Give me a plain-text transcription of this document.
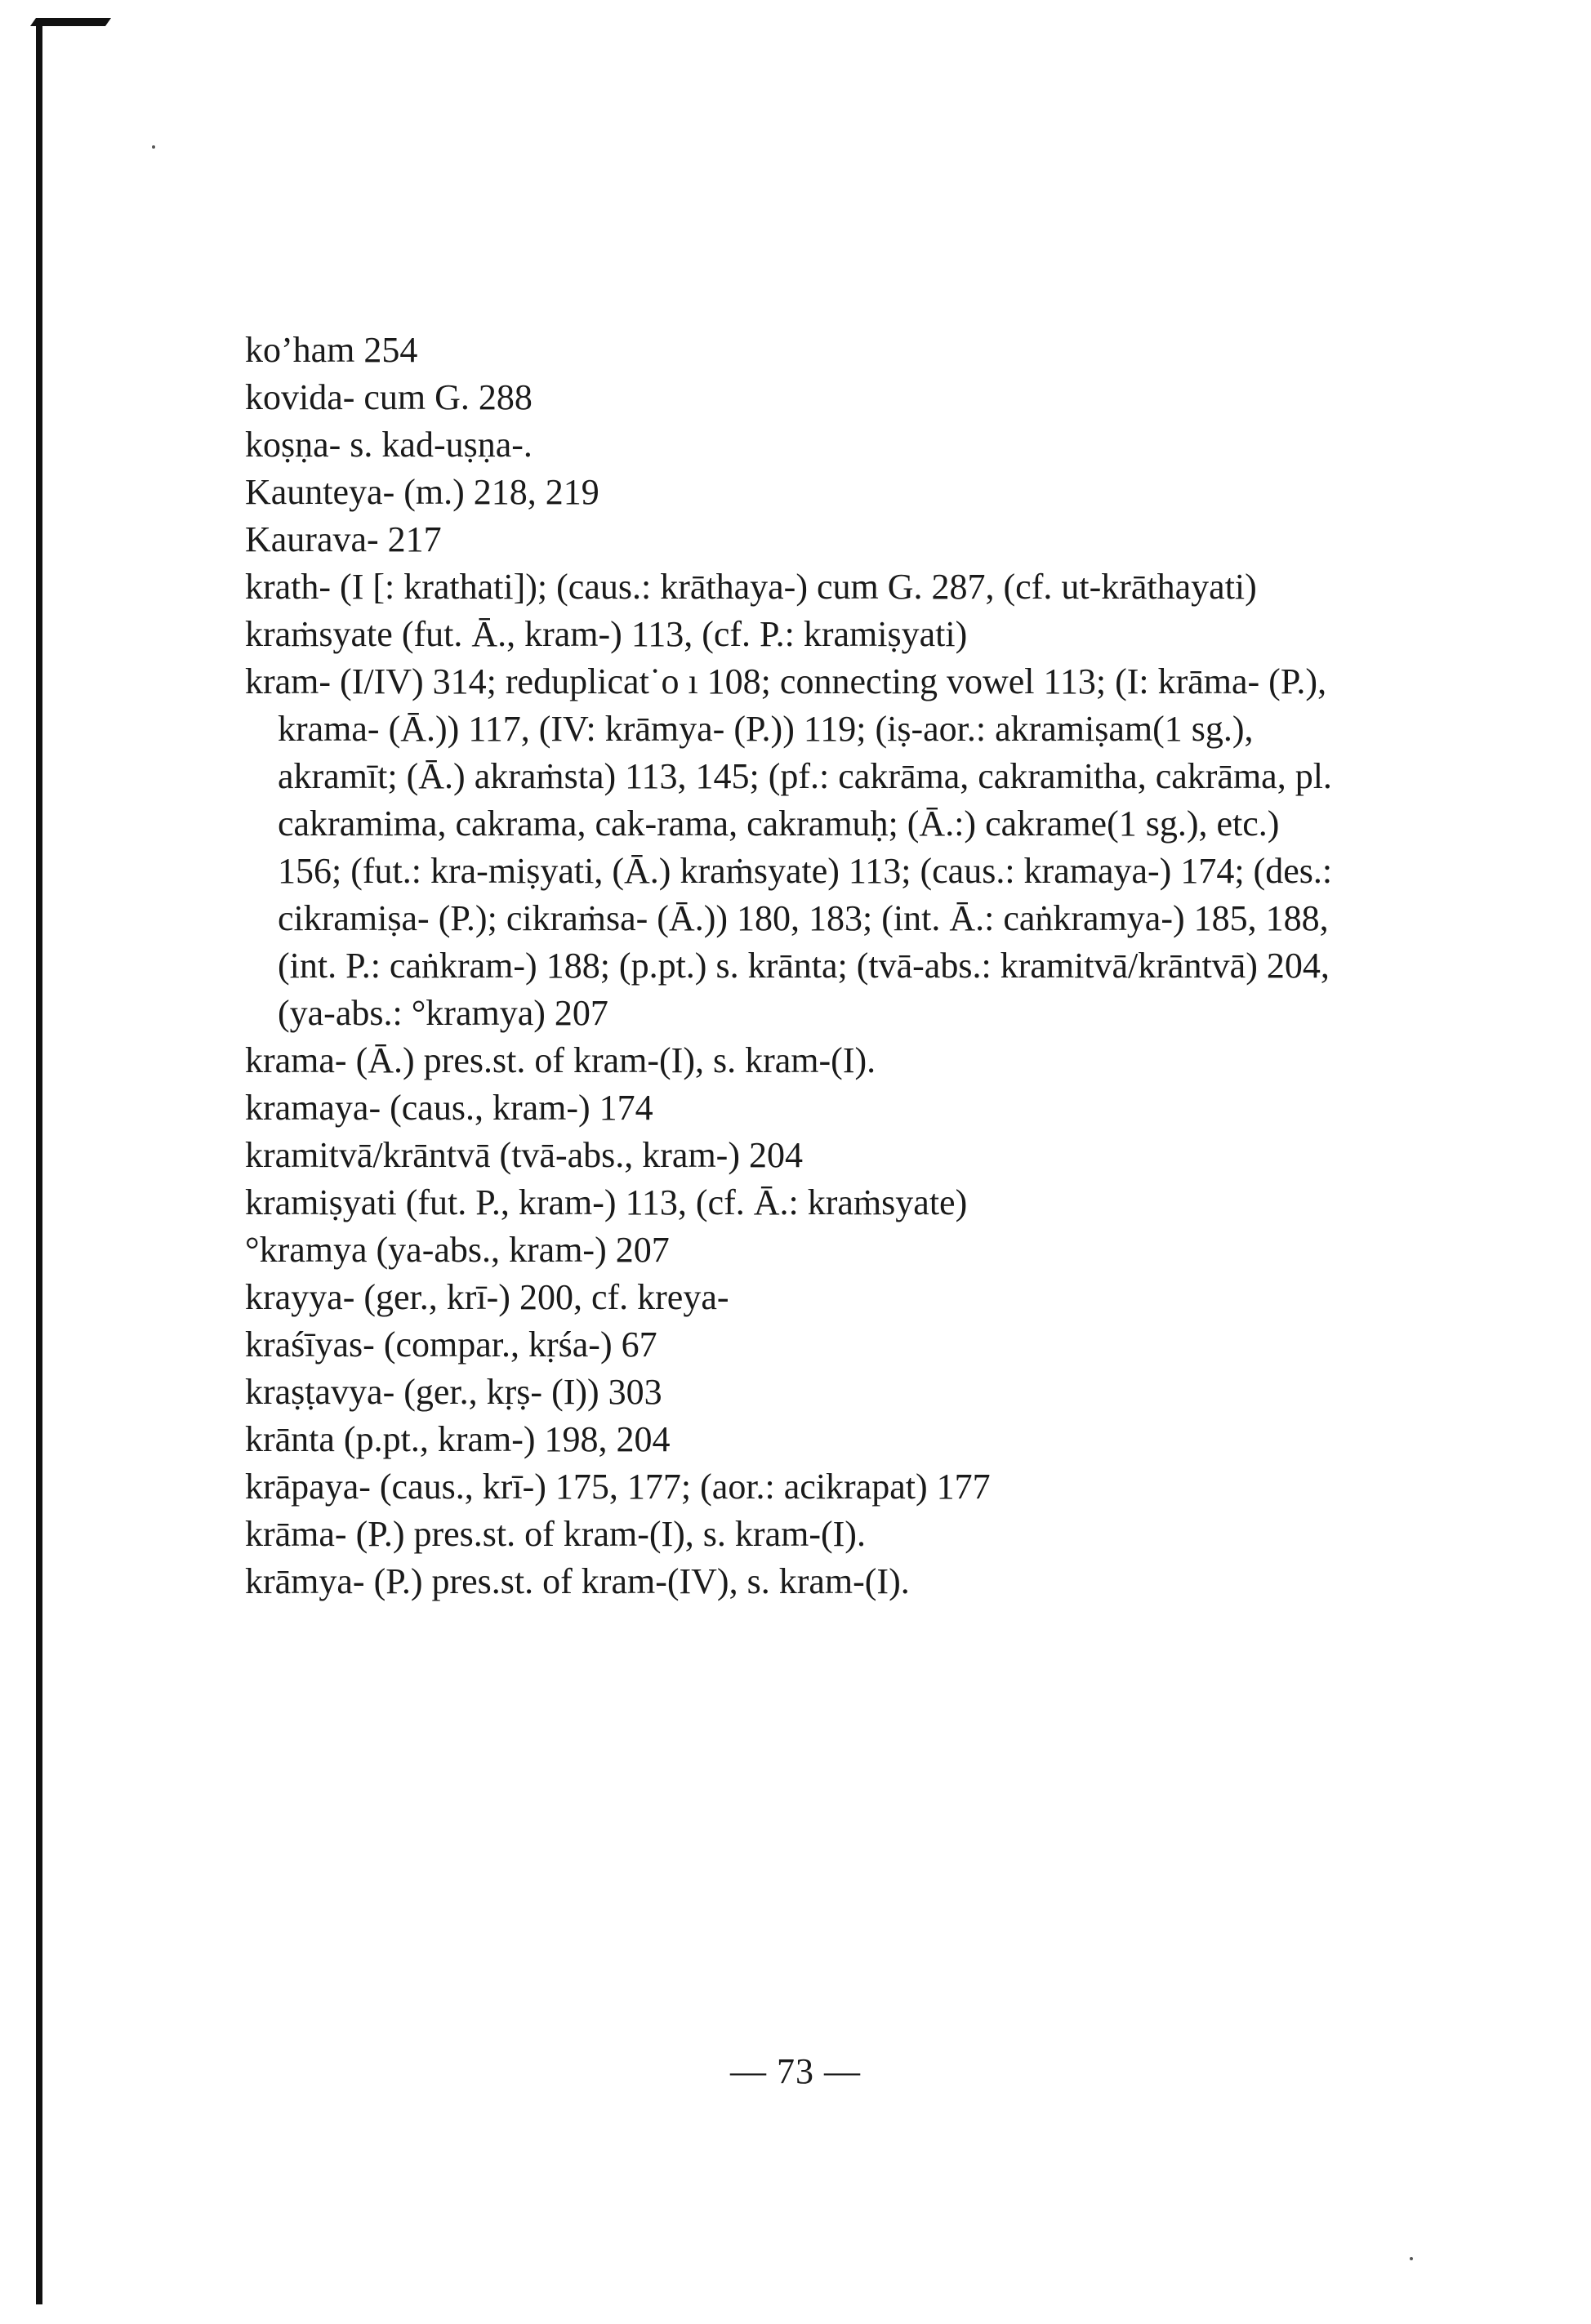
ko’ham 254
kovida- cum G. 288
koṣṇa- s. kad-uṣṇa-.
Kaunteya- (m.) 218, 219
Kaurava- 217
krath- (I [: krathati]); (caus.: krāthaya-) cum G. 287, (cf. ut-krāthayati)
kraṁsyate (fut. Ā., kram-) 113, (cf. P.: kramiṣyati)
kram- (I/IV) 314; reduplicat˙o ı 108; connecting vowel 113; (I: krāma- (P.), krama- (Ā.)) 117, (IV: krāmya- (P.)) 119; (iṣ-aor.: akramiṣam(1 sg.), akramīt; (Ā.) akraṁsta) 113, 145; (pf.: cakrāma, cakramitha, cakrāma, pl. cakramima, cakrama, cak-rama, cakramuḥ; (Ā.:) cakrame(1 sg.), etc.) 156; (fut.: kra-miṣyati, (Ā.) kraṁsyate) 113; (caus.: kramaya-) 174; (des.: cikramiṣa- (P.); cikraṁsa- (Ā.)) 180, 183; (int. Ā.: caṅkramya-) 185, 188, (int. P.: caṅkram-) 188; (p.pt.) s. krānta; (tvā-abs.: kramitvā/krāntvā) 204, (ya-abs.: °kramya) 207
krama- (Ā.) pres.st. of kram-(I), s. kram-(I).
kramaya- (caus., kram-) 174
kramitvā/krāntvā (tvā-abs., kram-) 204
kramiṣyati (fut. P., kram-) 113, (cf. Ā.: kraṁsyate)
°kramya (ya-abs., kram-) 207
krayya- (ger., krī-) 200, cf. kreya-
kraśīyas- (compar., kṛśa-) 67
kraṣṭavya- (ger., kṛṣ- (I)) 303
krānta (p.pt., kram-) 198, 204
krāpaya- (caus., krī-) 175, 177; (aor.: acikrapat) 177
krāma- (P.) pres.st. of kram-(I), s. kram-(I).
krāmya- (P.) pres.st. of kram-(IV), s. kram-(I).
— 73 —
